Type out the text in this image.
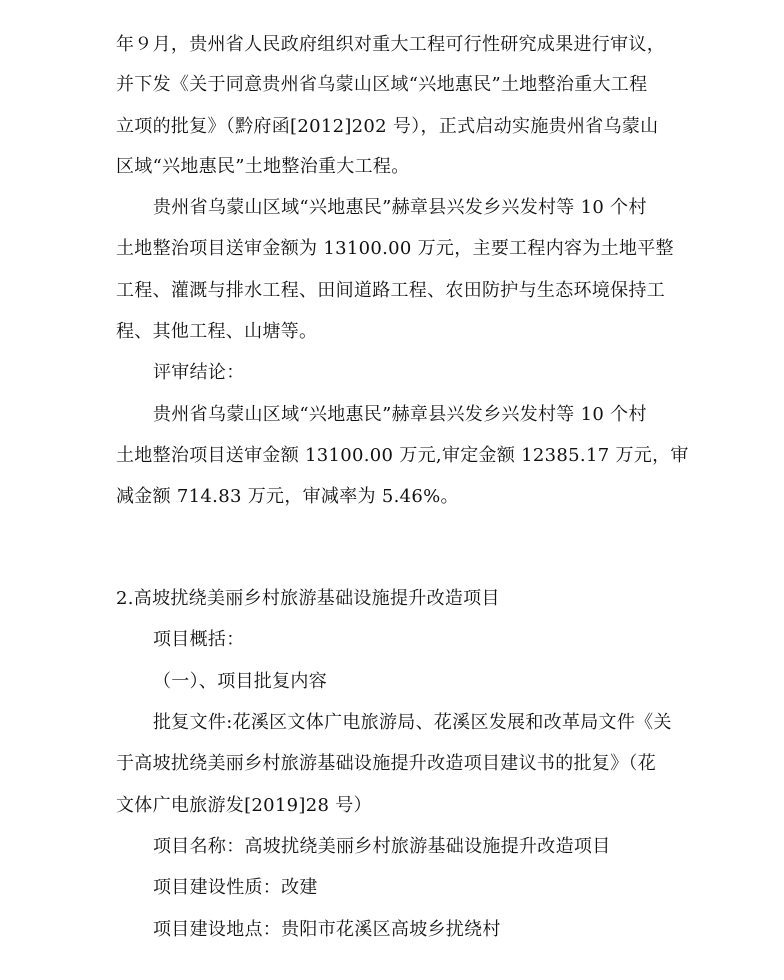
年９月，贵州省人民政府组织对重大工程可行性研究成果进行审议，
并下发《关于同意贵州省乌蒙山区域“兴地惠民”土地整治重大工程
立项的批复》（黔府函[2012]202 号），正式启动实施贵州省乌蒙山
区域“兴地惠民”土地整治重大工程。
贵州省乌蒙山区域“兴地惠民”赫章县兴发乡兴发村等 10 个村
土地整治项目送审金额为 13100.00 万元，主要工程内容为土地平整
工程、灌溉与排水工程、田间道路工程、农田防护与生态环境保持工
程、其他工程、山塘等。
评审结论：
贵州省乌蒙山区域“兴地惠民”赫章县兴发乡兴发村等 10 个村
土地整治项目送审金额 13100.00 万元,审定金额 12385.17 万元，审
减金额 714.83 万元，审减率为 5.46%。
2.高坡扰绕美丽乡村旅游基础设施提升改造项目
项目概括：
（一）、项目批复内容
批复文件:花溪区文体广电旅游局、花溪区发展和改革局文件《关
于高坡扰绕美丽乡村旅游基础设施提升改造项目建议书的批复》（花
文体广电旅游发[2019]28 号）
项目名称：高坡扰绕美丽乡村旅游基础设施提升改造项目
项目建设性质：改建
项目建设地点：贵阳市花溪区高坡乡扰绕村
